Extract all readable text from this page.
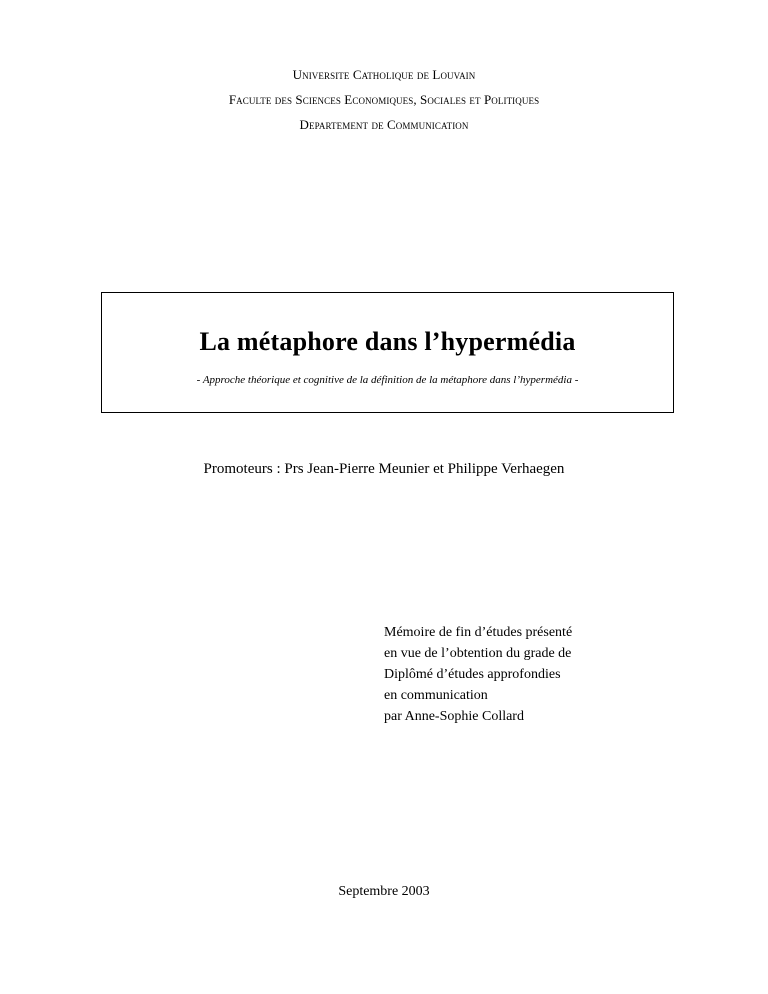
Universite Catholique de Louvain
Faculte des Sciences Economiques, Sociales et Politiques
Departement de Communication
La métaphore dans l’hypermédia
- Approche théorique et cognitive de la définition de la métaphore dans l’hypermédia -
Promoteurs : Prs Jean-Pierre Meunier et Philippe Verhaegen
Mémoire de fin d’études présenté
en vue de l’obtention du grade de
Diplômé d’études approfondies
en communication
par Anne-Sophie Collard
Septembre 2003
